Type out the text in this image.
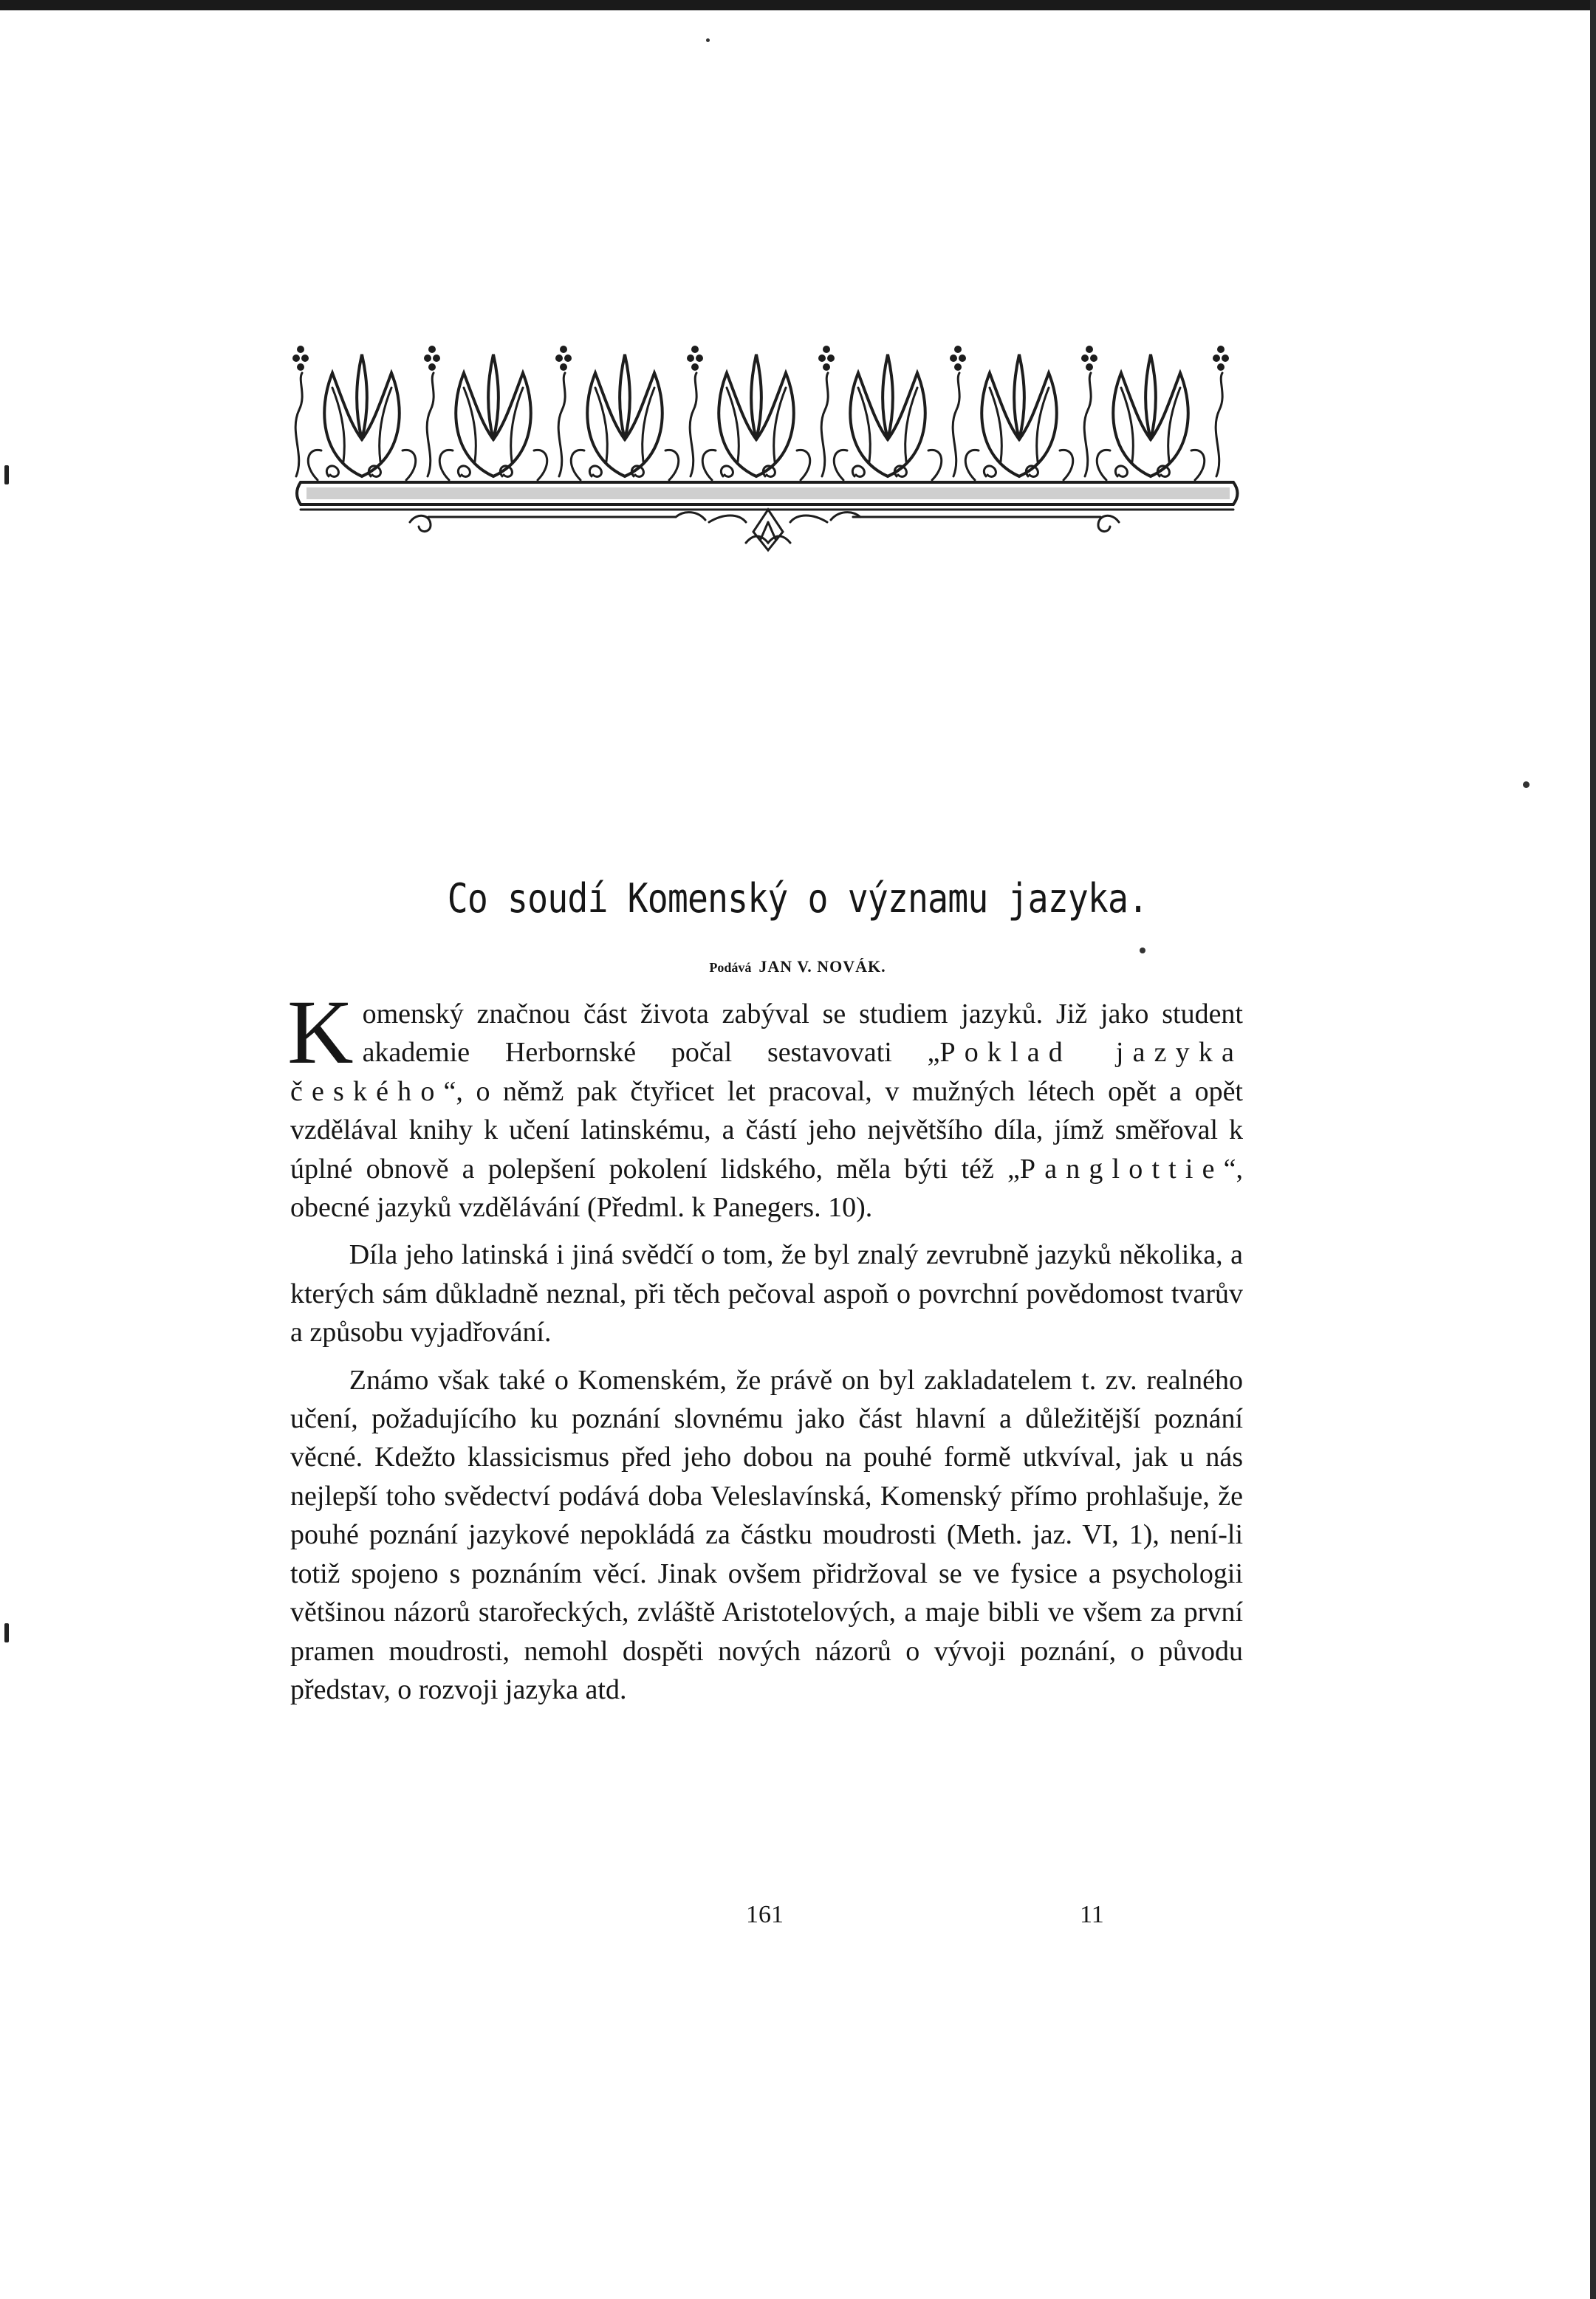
Co soudí Komenský o významu jazyka.
Podává JAN V. NOVÁK.

Komenský značnou část života zabýval se studiem jazyků. Již jako student akademie Herbornské počal sestavovati „Poklad jazyka českého“, o němž pak čtyřicet let pracoval, v mužných létech opět a opět vzdělával knihy k učení latinskému, a částí jeho největšího díla, jímž směřoval k úplné obnově a polepšení pokolení lidského, měla býti též „Panglottie“, obecné jazyků vzdělávání (Předml. k Panegers. 10).

Díla jeho latinská i jiná svědčí o tom, že byl znalý zevrubně jazyků několika, a kterých sám důkladně neznal, při těch pečoval aspoň o povrchní povědomost tvarův a způsobu vyjadřování.

Známo však také o Komenském, že právě on byl zakladatelem t. zv. realného učení, požadujícího ku poznání slovnému jako část hlavní a důležitější poznání věcné. Kdežto klassicismus před jeho dobou na pouhé formě utkvíval, jak u nás nejlepší toho svědectví podává doba Veleslavínská, Komenský přímo prohlašuje, že pouhé poznání jazykové nepokládá za částku moudrosti (Meth. jaz. VI, 1), není-li totiž spojeno s poznáním věcí. Jinak ovšem přidržoval se ve fysice a psychologii většinou názorů starořeckých, zvláště Aristotelových, a maje bibli ve všem za první pramen moudrosti, nemohl dospěti nových názorů o vývoji poznání, o původu představ, o rozvoji jazyka atd.

161	11
